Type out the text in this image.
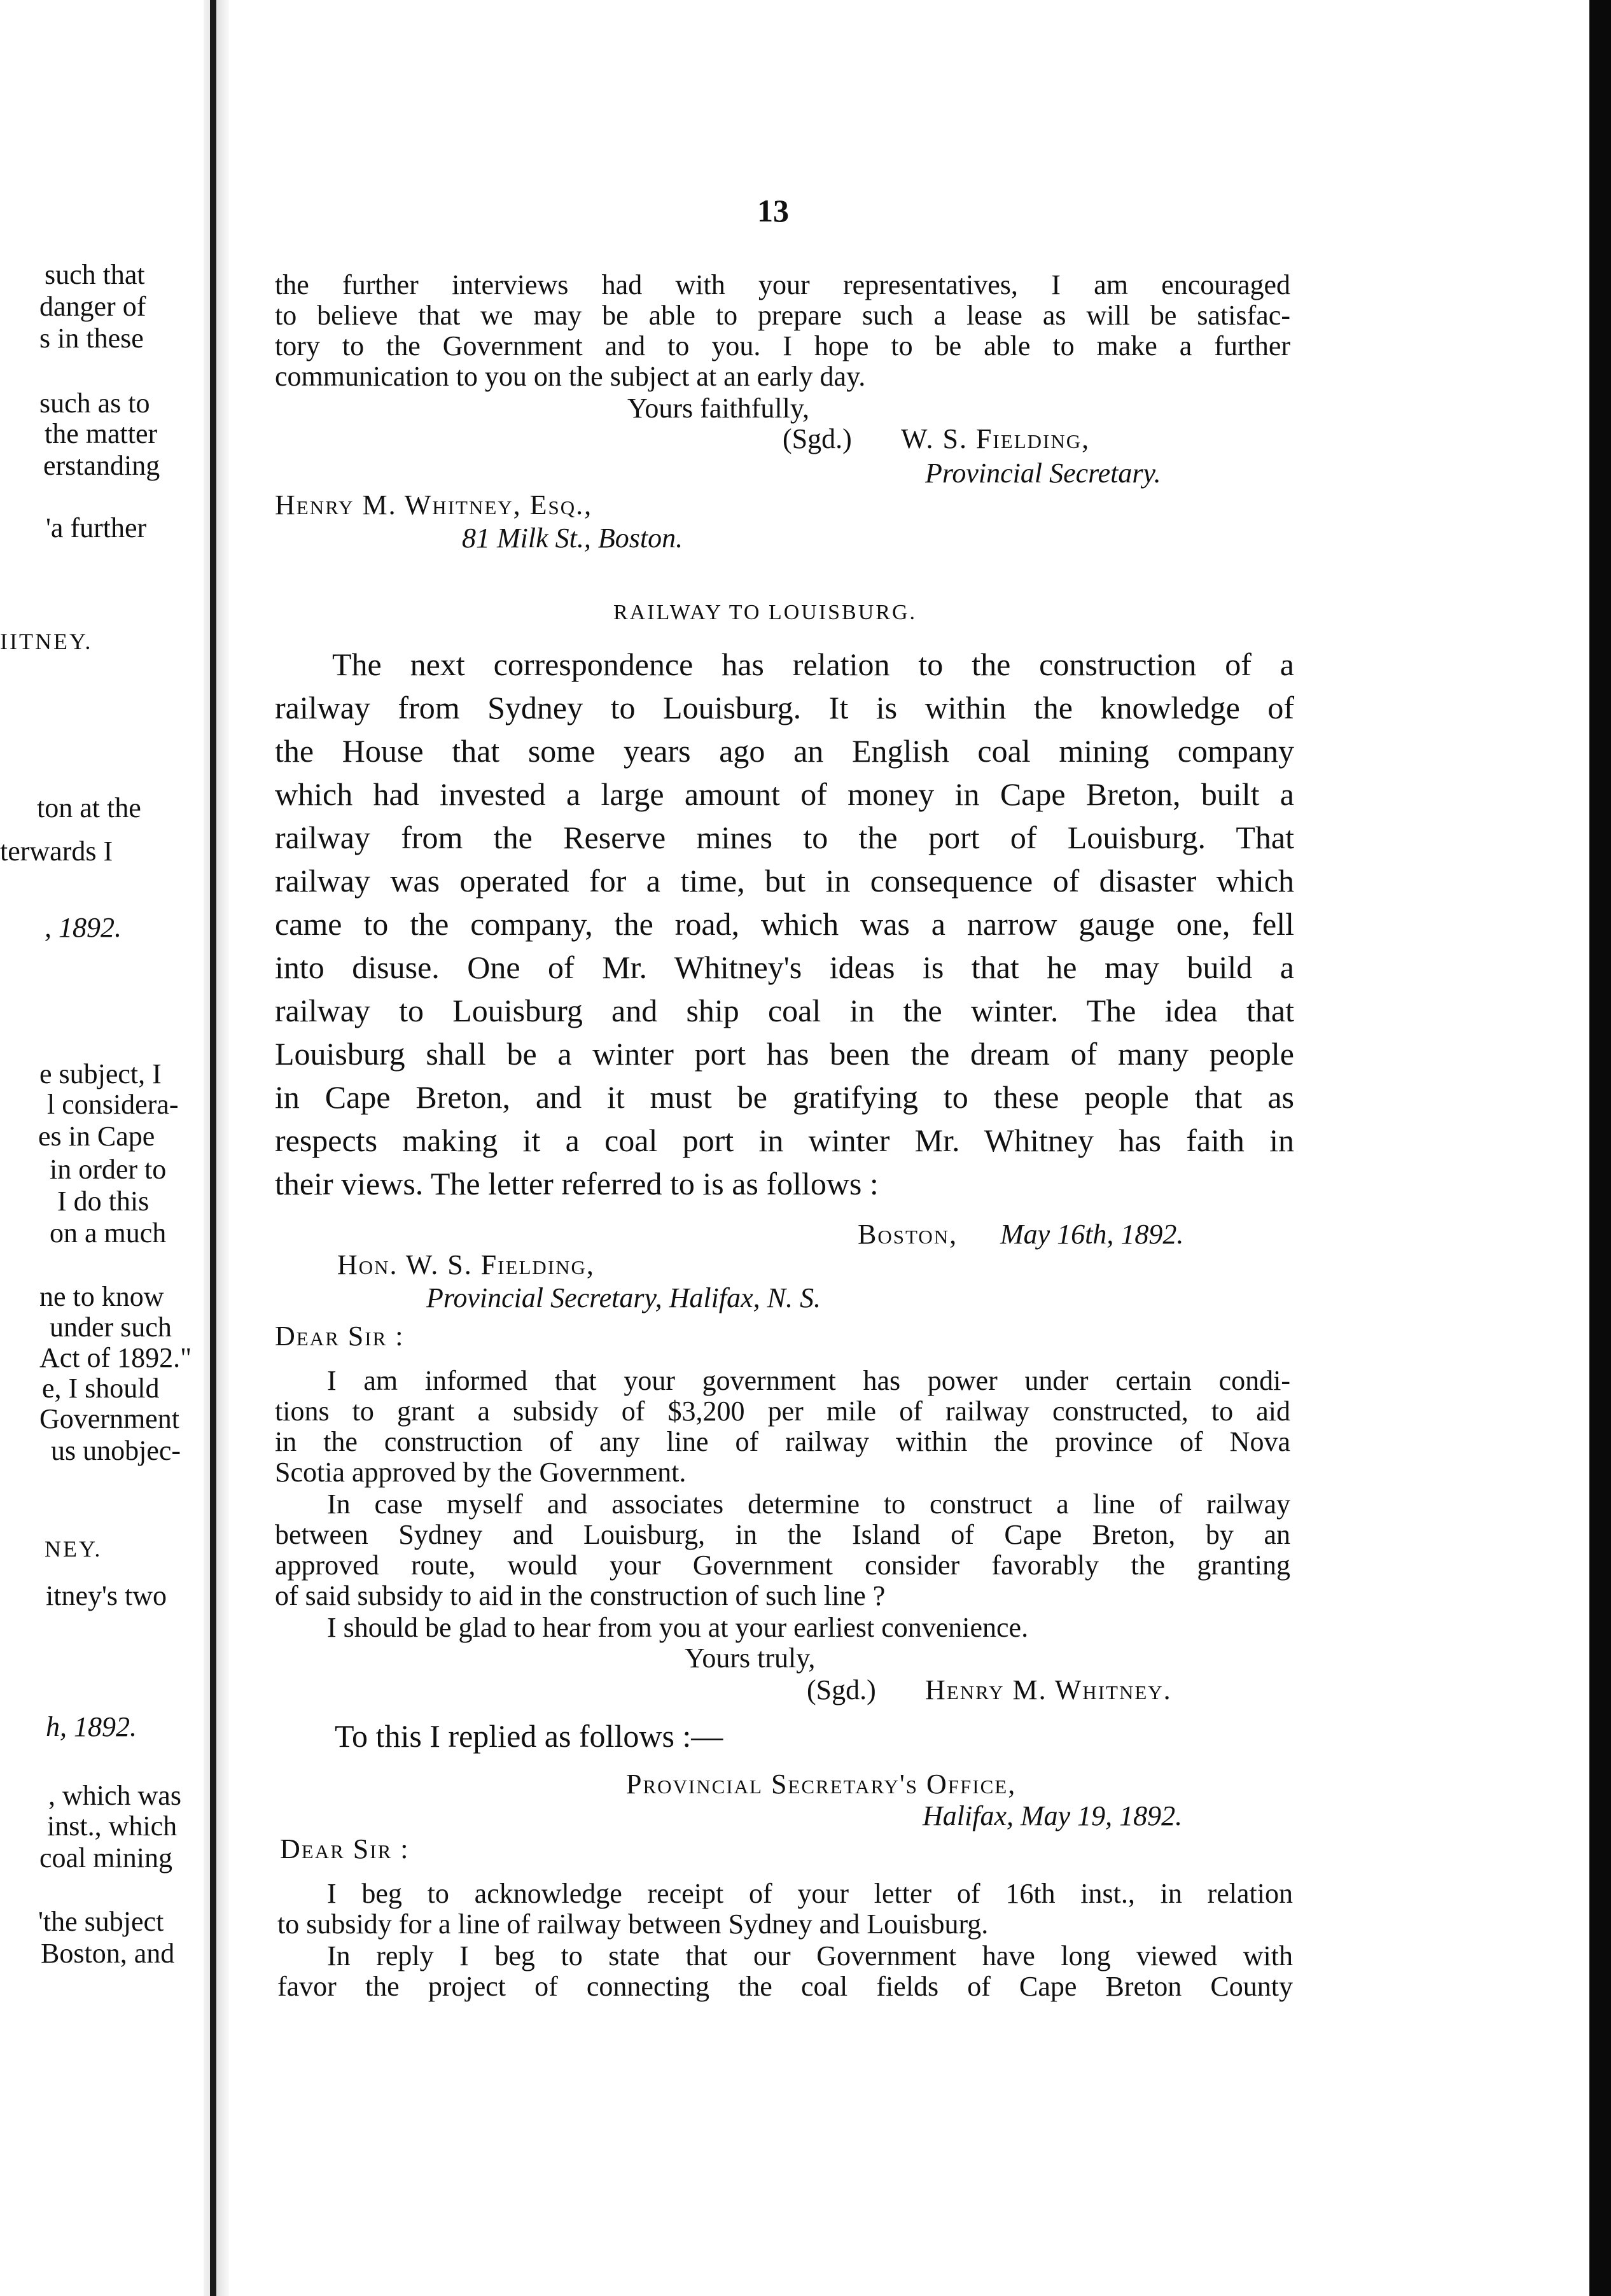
such that
danger of
s in these
such as to
the matter
erstanding
'a further
IITNEY.
ton at the
terwards I
, 1892.
e subject, I
l considera-
es in Cape
in order to
I do this
on a much
ne to know
under such
Act of 1892."
e, I should
Government
us unobjec-
NEY.
itney's two
h, 1892.
, which was
inst., which
coal mining
'the subject
Boston, and
13
the further interviews had with your representatives, I am encouraged
to believe that we may be able to prepare such a lease as will be satisfac-
tory to the Government and to you. I hope to be able to make a further
communication to you on the subject at an early day.
Yours faithfully,
(Sgd.) W. S. Fielding,
Provincial Secretary.
Henry M. Whitney, Esq.,
81 Milk St., Boston.
RAILWAY TO LOUISBURG.
The next correspondence has relation to the construction of a
railway from Sydney to Louisburg. It is within the knowledge of
the House that some years ago an English coal mining company
which had invested a large amount of money in Cape Breton, built a
railway from the Reserve mines to the port of Louisburg. That
railway was operated for a time, but in consequence of disaster which
came to the company, the road, which was a narrow gauge one, fell
into disuse. One of Mr. Whitney's ideas is that he may build a
railway to Louisburg and ship coal in the winter. The idea that
Louisburg shall be a winter port has been the dream of many people
in Cape Breton, and it must be gratifying to these people that as
respects making it a coal port in winter Mr. Whitney has faith in
their views. The letter referred to is as follows :
Boston, May 16th, 1892.
Hon. W. S. Fielding,
Provincial Secretary, Halifax, N. S.
Dear Sir :
I am informed that your government has power under certain condi-
tions to grant a subsidy of $3,200 per mile of railway constructed, to aid
in the construction of any line of railway within the province of Nova
Scotia approved by the Government.
In case myself and associates determine to construct a line of railway
between Sydney and Louisburg, in the Island of Cape Breton, by an
approved route, would your Government consider favorably the granting
of said subsidy to aid in the construction of such line ?
I should be glad to hear from you at your earliest convenience.
Yours truly,
(Sgd.) Henry M. Whitney.
To this I replied as follows :—
Provincial Secretary's Office,
Halifax, May 19, 1892.
Dear Sir :
I beg to acknowledge receipt of your letter of 16th inst., in relation
to subsidy for a line of railway between Sydney and Louisburg.
In reply I beg to state that our Government have long viewed with
favor the project of connecting the coal fields of Cape Breton County
